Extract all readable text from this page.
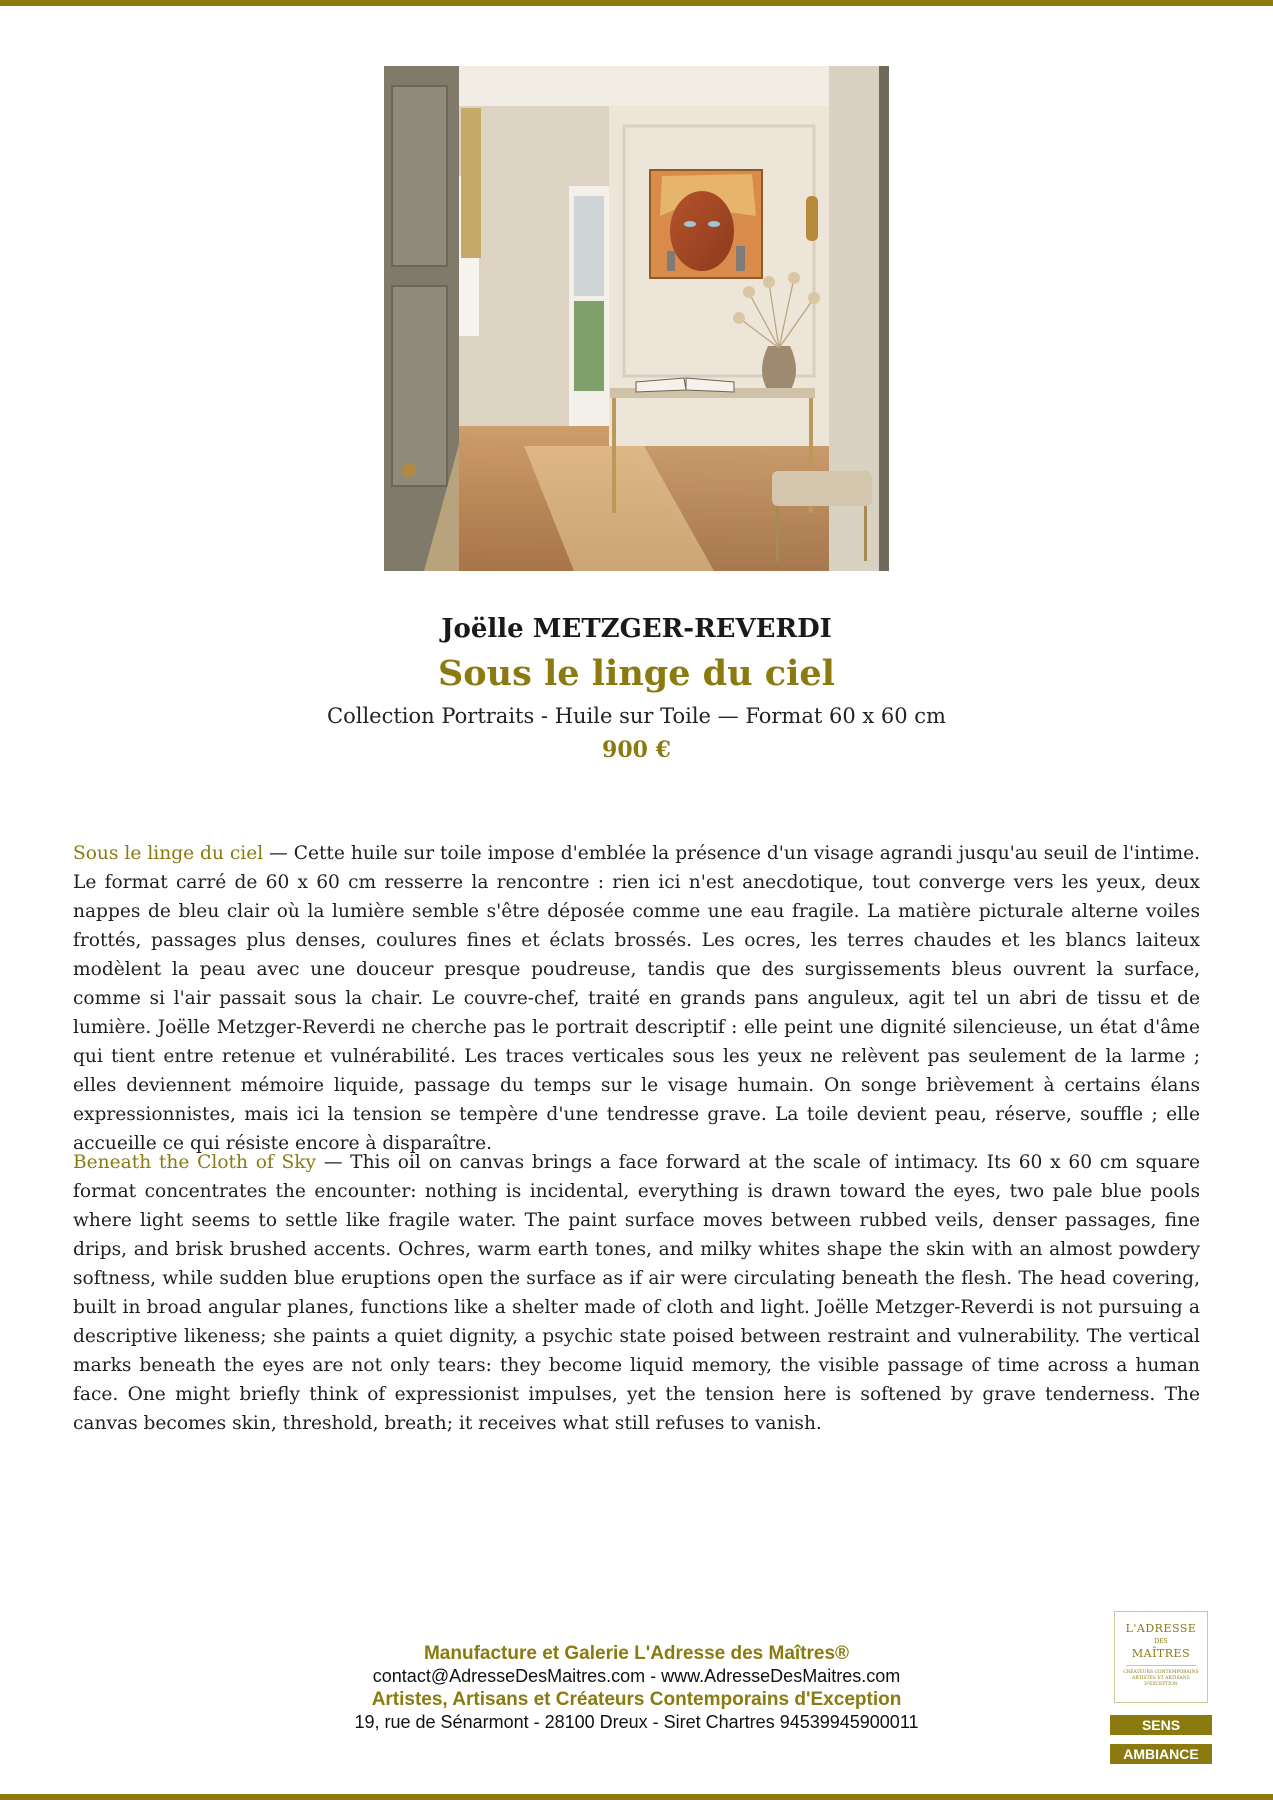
Joëlle METZGER-REVERDI
Sous le linge du ciel
Collection Portraits - Huile sur Toile — Format 60 x 60 cm
900 €

Sous le linge du ciel — Cette huile sur toile impose d'emblée la présence d'un visage agrandi jusqu'au seuil de l'intime. Le format carré de 60 x 60 cm resserre la rencontre : rien ici n'est anecdotique, tout converge vers les yeux, deux nappes de bleu clair où la lumière semble s'être déposée comme une eau fragile. La matière picturale alterne voiles frottés, passages plus denses, coulures fines et éclats brossés. Les ocres, les terres chaudes et les blancs laiteux modèlent la peau avec une douceur presque poudreuse, tandis que des surgissements bleus ouvrent la surface, comme si l'air passait sous la chair. Le couvre-chef, traité en grands pans anguleux, agit tel un abri de tissu et de lumière. Joëlle Metzger-Reverdi ne cherche pas le portrait descriptif : elle peint une dignité silencieuse, un état d'âme qui tient entre retenue et vulnérabilité. Les traces verticales sous les yeux ne relèvent pas seulement de la larme ; elles deviennent mémoire liquide, passage du temps sur le visage humain. On songe brièvement à certains élans expressionnistes, mais ici la tension se tempère d'une tendresse grave. La toile devient peau, réserve, souffle ; elle accueille ce qui résiste encore à disparaître.

Beneath the Cloth of Sky — This oil on canvas brings a face forward at the scale of intimacy. Its 60 x 60 cm square format concentrates the encounter: nothing is incidental, everything is drawn toward the eyes, two pale blue pools where light seems to settle like fragile water. The paint surface moves between rubbed veils, denser passages, fine drips, and brisk brushed accents. Ochres, warm earth tones, and milky whites shape the skin with an almost powdery softness, while sudden blue eruptions open the surface as if air were circulating beneath the flesh. The head covering, built in broad angular planes, functions like a shelter made of cloth and light. Joëlle Metzger-Reverdi is not pursuing a descriptive likeness; she paints a quiet dignity, a psychic state poised between restraint and vulnerability. The vertical marks beneath the eyes are not only tears: they become liquid memory, the visible passage of time across a human face. One might briefly think of expressionist impulses, yet the tension here is softened by grave tenderness. The canvas becomes skin, threshold, breath; it receives what still refuses to vanish.

Manufacture et Galerie L'Adresse des Maîtres®
contact@AdresseDesMaitres.com - www.AdresseDesMaitres.com
Artistes, Artisans et Créateurs Contemporains d'Exception
19, rue de Sénarmont - 28100 Dreux - Siret Chartres 94539945900011
L'ADRESSE
DES
MAÎTRES
CRÉATEURS CONTEMPORAINS ARTISTES ET ARTISANS D'EXCEPTION
SENS
AMBIANCE
